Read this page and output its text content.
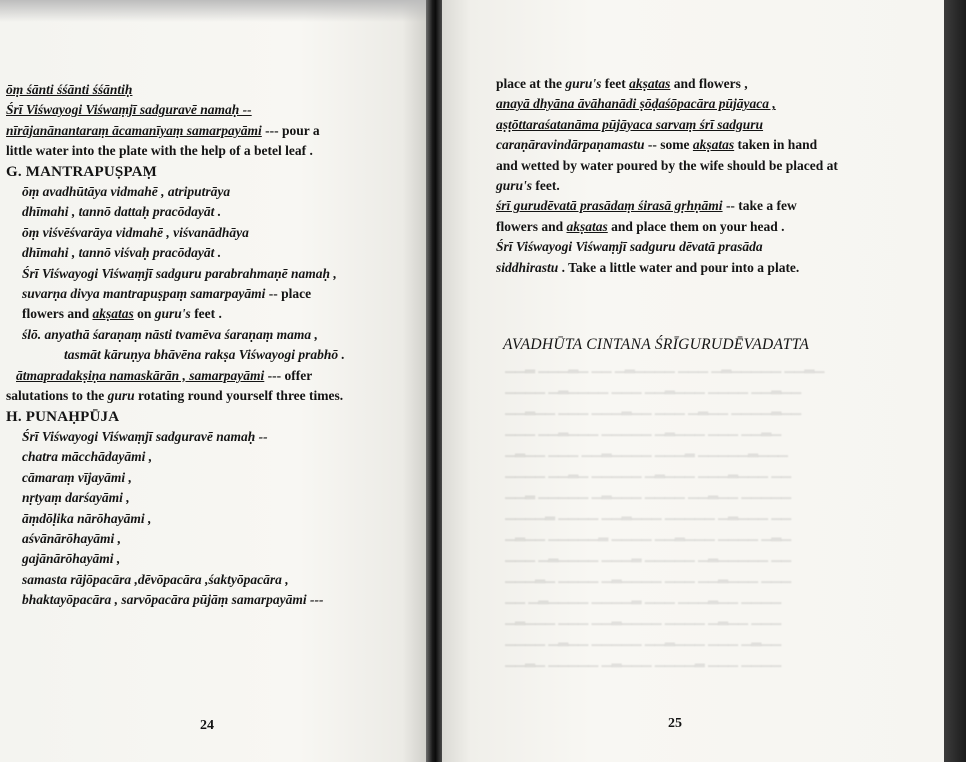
▁▁▂ ▁▁▁▂▁ ▁▁ ▁▂▁▁▁▁ ▁▁▁ ▁▂▁▁▁▁▁ ▁▁▂▁
▁▁▁▁ ▁▂▁▁▁▁ ▁▁▁ ▁▁▂▁▁▁ ▁▁▁▁ ▁▁▂▁▁
▁▁▂▁▁ ▁▁▁ ▁▁▁▂▁▁ ▁▁▁ ▁▂▁▁ ▁▁▁▁▂▁▁
▁▁▁ ▁▁▂▁▁▁ ▁▁▁▁▁ ▁▂▁▁▁ ▁▁▁ ▁▁▂▁
▁▂▁▁ ▁▁▁ ▁▁▂▁▁▁▁ ▁▁▁▂ ▁▁▁▁▁▂▁▁▁
▁▁▁▁ ▁▁▂▁ ▁▁▁▁▁ ▁▂▁▁▁ ▁▁▁▂▁▁▁ ▁▁
▁▁▂ ▁▁▁▁▁ ▁▂▁▁▁ ▁▁▁▁ ▁▁▂▁▁ ▁▁▁▁▁
▁▁▁▁▂ ▁▁▁▁ ▁▁▂▁▁▁ ▁▁▁▁▁ ▁▂▁▁▁ ▁▁
▁▂▁▁ ▁▁▁▁▁▂ ▁▁▁▁ ▁▁▂▁▁▁ ▁▁▁▁ ▁▂▁
▁▁▁ ▁▂▁▁▁▁ ▁▁▁▂ ▁▁▁▁▁ ▁▂▁▁▁▁▁ ▁▁
▁▁▁▂▁ ▁▁▁▁ ▁▂▁▁▁▁ ▁▁▁ ▁▁▂▁▁▁ ▁▁▁
▁▁ ▁▂▁▁▁▁ ▁▁▁▁▂ ▁▁▁ ▁▁▁▂▁▁ ▁▁▁▁
▁▂▁▁▁ ▁▁▁ ▁▁▂▁▁▁▁ ▁▁▁▁ ▁▂▁▁ ▁▁▁
▁▁▁▁ ▁▂▁▁ ▁▁▁▁▁ ▁▁▂▁▁▁ ▁▁▁ ▁▂▁▁
▁▁▂▁ ▁▁▁▁▁ ▁▂▁▁▁ ▁▁▁▁▂ ▁▁▁ ▁▁▁▁
ōṃ śānti śśānti śśāntiḥ
Śrī Viśwayogi Viśwaṃjī sadguravē namaḥ --
nīrājanānantaraṃ ācamanīyaṃ samarpayāmi --- pour a
little water into the plate with the help of a betel leaf .
G. MANTRAPUṢPAṂ
ōṃ avadhūtāya vidmahē , atriputrāya
dhīmahi , tannō dattaḥ pracōdayāt .
ōṃ viśvēśvarāya vidmahē , viśvanādhāya
dhīmahi , tannō viśvaḥ pracōdayāt .
Śrī Viśwayogi Viśwaṃjī sadguru parabrahmaṇē namaḥ ,
suvarṇa divya mantrapuṣpaṃ samarpayāmi -- place
flowers and akṣatas on guru's feet .
ślō. anyathā śaraṇaṃ nāsti tvamēva śaraṇaṃ mama ,
tasmāt kāruṇya bhāvēna rakṣa Viśwayogi prabhō .
ātmapradakṣiṇa namaskārān , samarpayāmi --- offer
salutations to the guru rotating round yourself three times.
H. PUNAḤPŪJA
Śrī Viśwayogi Viśwaṃjī sadguravē namaḥ --
chatra mācchādayāmi ,
cāmaraṃ vījayāmi ,
nṛtyaṃ darśayāmi ,
āṃdōḷika nārōhayāmi ,
aśvānārōhayāmi ,
gajānārōhayāmi ,
samasta rājōpacāra ,dēvōpacāra ,śaktyōpacāra ,
bhaktayōpacāra , sarvōpacāra pūjāṃ samarpayāmi ---
24
place at the guru's feet akṣatas and flowers ,
anayā dhyāna āvāhanādi ṣōḍaśōpacāra pūjāyaca ,
aṣṭōttaraśatanāma pūjāyaca sarvaṃ śrī sadguru
caraṇāravindārpaṇamastu -- some akṣatas taken in hand
and wetted by water poured by the wife should be placed at
guru's feet.
śrī gurudēvatā prasādaṃ śirasā gṛhṇāmi -- take a few
flowers and akṣatas and place them on your head .
Śrī Viśwayogi Viśwaṃjī sadguru dēvatā prasāda
siddhirastu . Take a little water and pour into a plate.
AVADHŪTA CINTANA ŚRĪGURUDĒVADATTA
25
